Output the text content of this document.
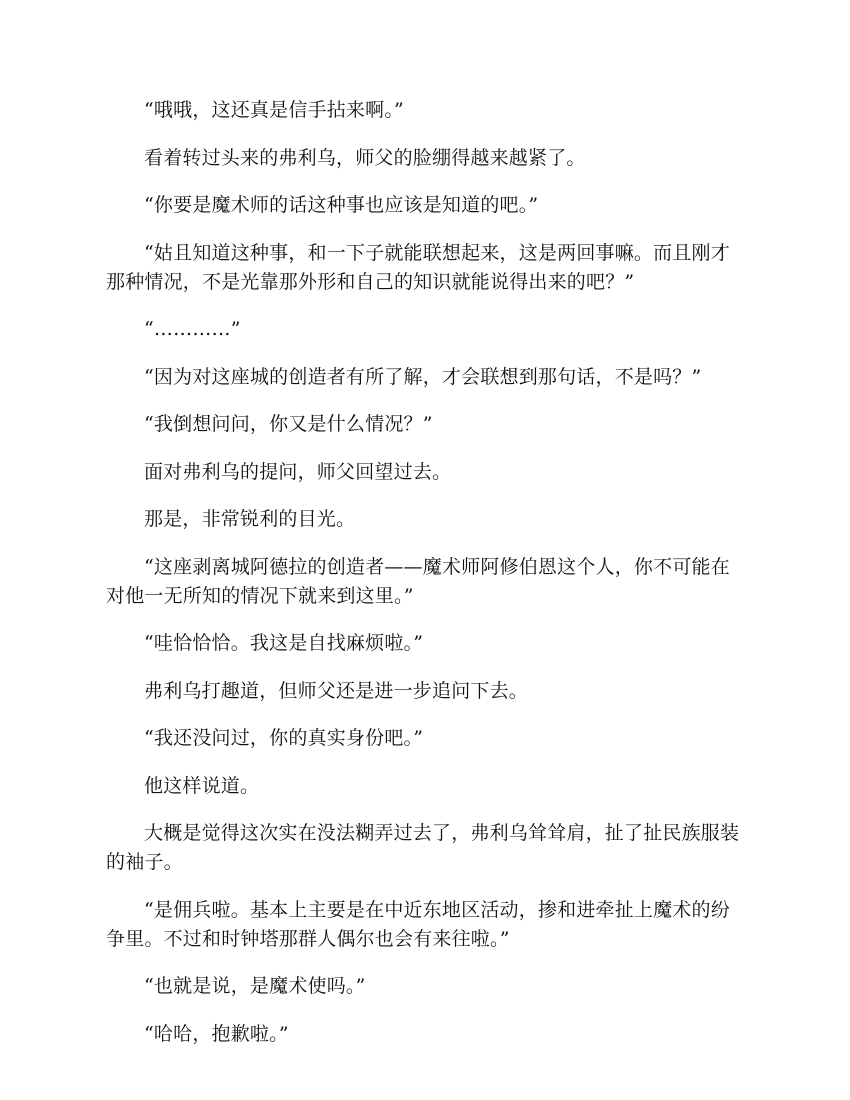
“哦哦，这还真是信手拈来啊。”

看着转过头来的弗利乌，师父的脸绷得越来越紧了。

“你要是魔术师的话这种事也应该是知道的吧。”

“姑且知道这种事，和一下子就能联想起来，这是两回事嘛。而且刚才那种情况，不是光靠那外形和自己的知识就能说得出来的吧？”

“…………”

“因为对这座城的创造者有所了解，才会联想到那句话，不是吗？”

“我倒想问问，你又是什么情况？”

面对弗利乌的提问，师父回望过去。

那是，非常锐利的目光。

“这座剥离城阿德拉的创造者——魔术师阿修伯恩这个人，你不可能在对他一无所知的情况下就来到这里。”

“哇恰恰恰。我这是自找麻烦啦。”

弗利乌打趣道，但师父还是进一步追问下去。

“我还没问过，你的真实身份吧。”

他这样说道。

大概是觉得这次实在没法糊弄过去了，弗利乌耸耸肩，扯了扯民族服装的袖子。

“是佣兵啦。基本上主要是在中近东地区活动，掺和进牵扯上魔术的纷争里。不过和时钟塔那群人偶尔也会有来往啦。”

“也就是说，是魔术使吗。”

“哈哈，抱歉啦。”
